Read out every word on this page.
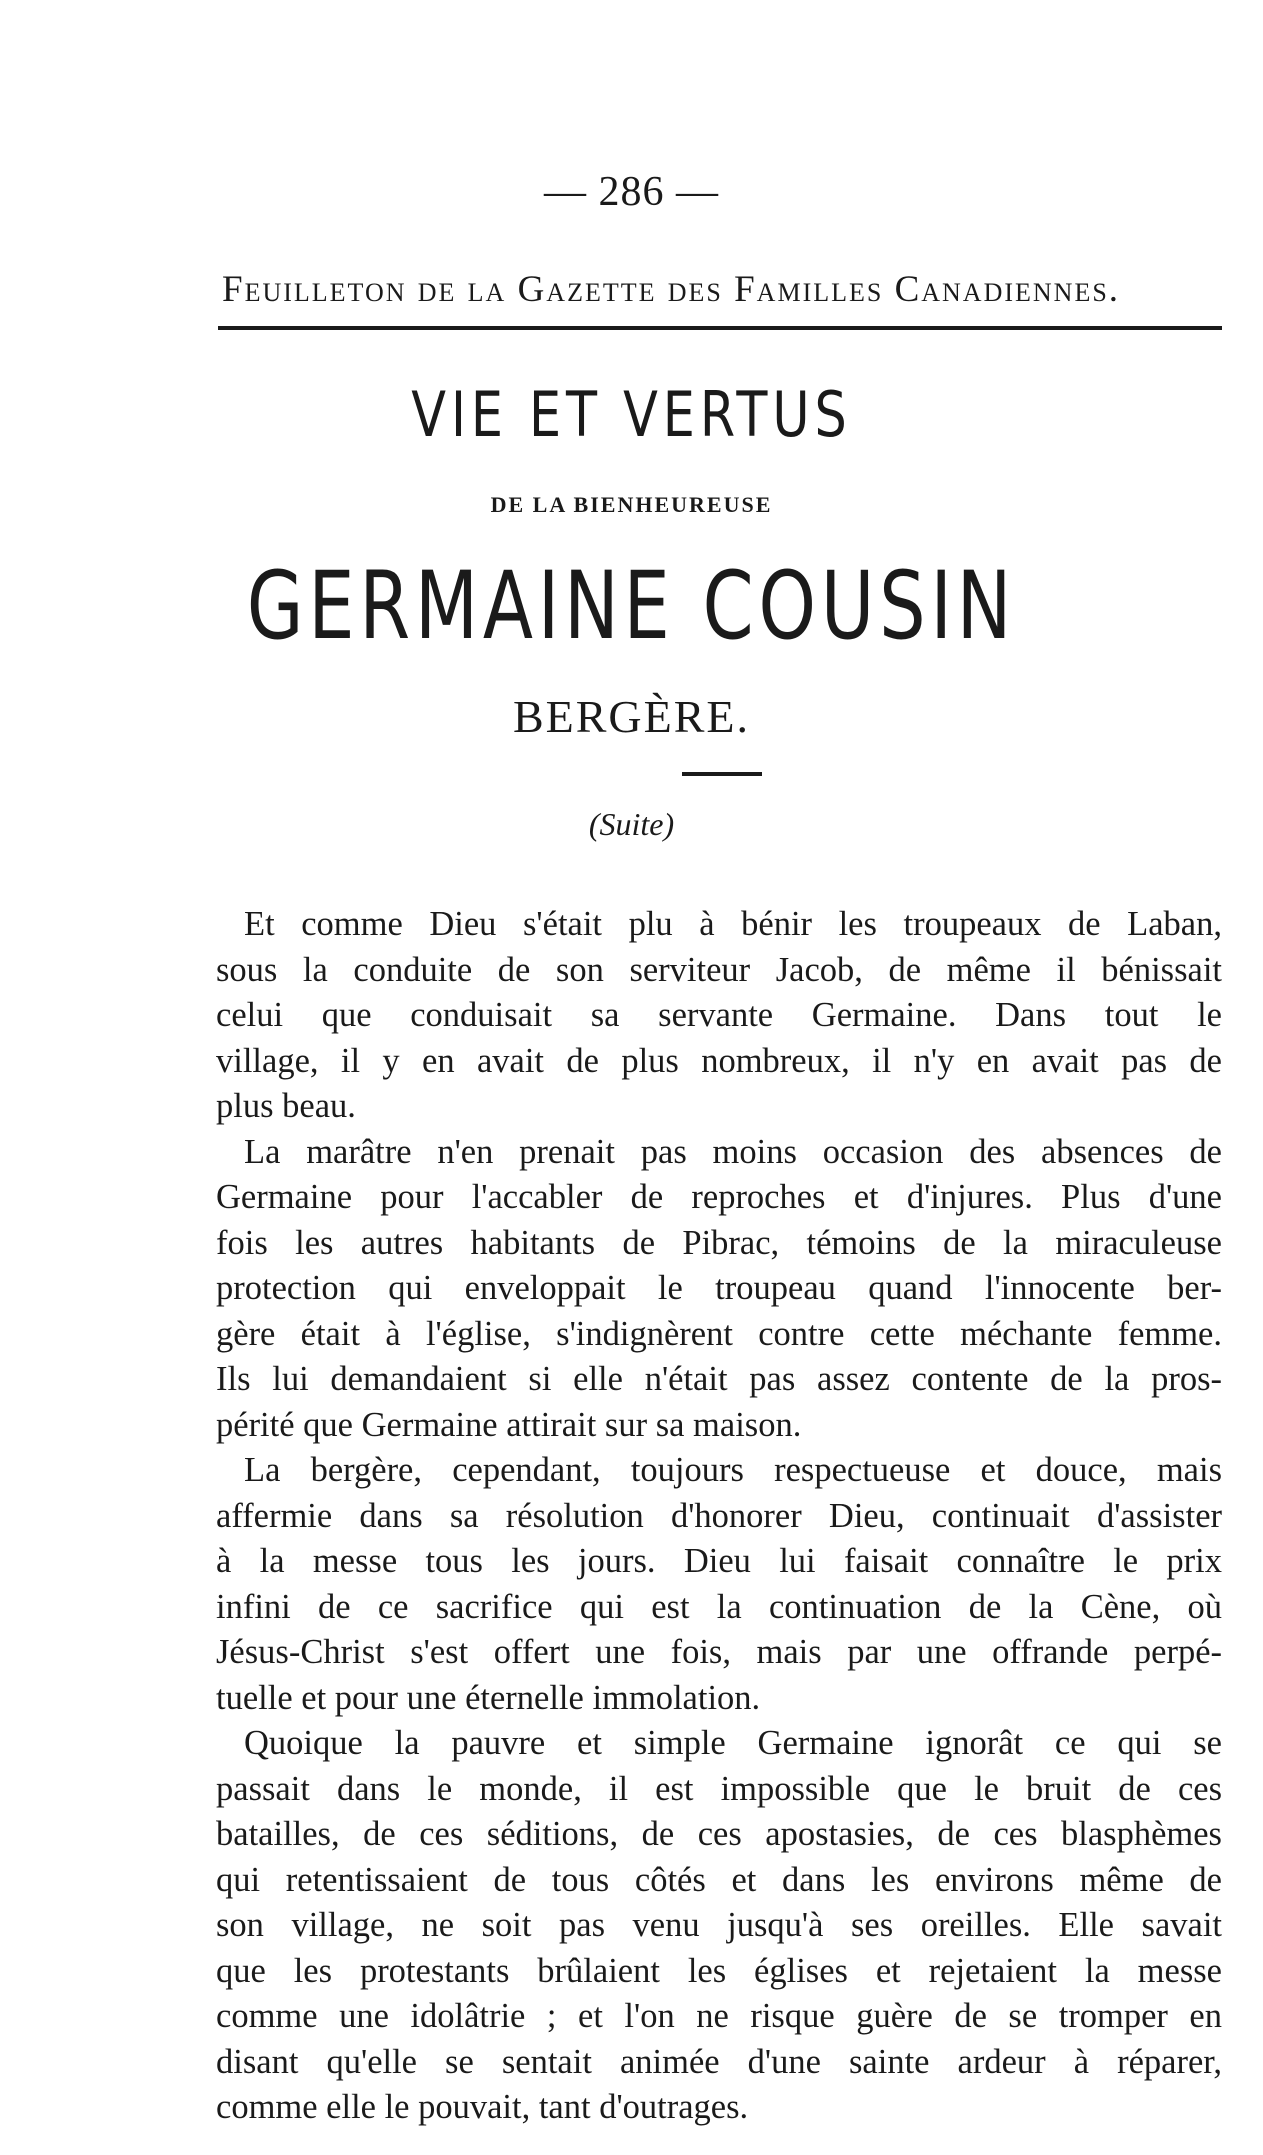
— 286 —
Feuilleton de la Gazette des Familles Canadiennes.
VIE ET VERTUS
DE LA BIENHEUREUSE
GERMAINE COUSIN
BERGÈRE.
(Suite)
Et comme Dieu s'était plu à bénir les troupeaux de Laban,
sous la conduite de son serviteur Jacob, de même il bénissait
celui que conduisait sa servante Germaine. Dans tout le
village, il y en avait de plus nombreux, il n'y en avait pas de
plus beau.
La marâtre n'en prenait pas moins occasion des absences de
Germaine pour l'accabler de reproches et d'injures. Plus d'une
fois les autres habitants de Pibrac, témoins de la miraculeuse
protection qui enveloppait le troupeau quand l'innocente ber-
gère était à l'église, s'indignèrent contre cette méchante femme.
Ils lui demandaient si elle n'était pas assez contente de la pros-
périté que Germaine attirait sur sa maison.
La bergère, cependant, toujours respectueuse et douce, mais
affermie dans sa résolution d'honorer Dieu, continuait d'assister
à la messe tous les jours. Dieu lui faisait connaître le prix
infini de ce sacrifice qui est la continuation de la Cène, où
Jésus-Christ s'est offert une fois, mais par une offrande perpé-
tuelle et pour une éternelle immolation.
Quoique la pauvre et simple Germaine ignorât ce qui se
passait dans le monde, il est impossible que le bruit de ces
batailles, de ces séditions, de ces apostasies, de ces blasphèmes
qui retentissaient de tous côtés et dans les environs même de
son village, ne soit pas venu jusqu'à ses oreilles. Elle savait
que les protestants brûlaient les églises et rejetaient la messe
comme une idolâtrie ; et l'on ne risque guère de se tromper en
disant qu'elle se sentait animée d'une sainte ardeur à réparer,
comme elle le pouvait, tant d'outrages.
